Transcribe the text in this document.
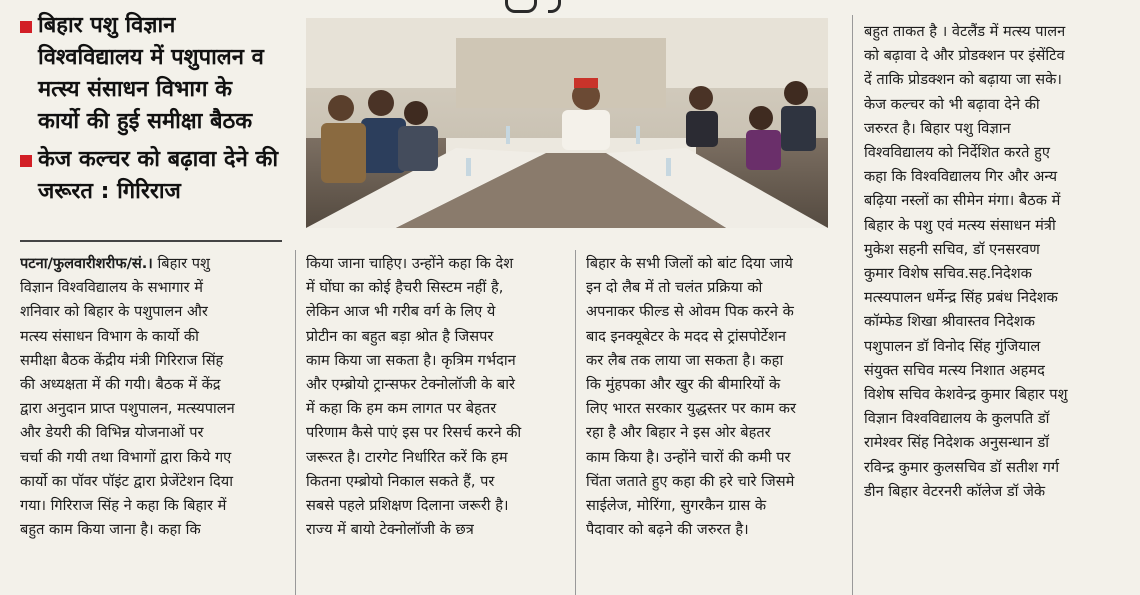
बिहार पशु विज्ञान
विश्वविद्यालय में पशुपालन व
मत्स्य संसाधन विभाग के
कार्यो की हुई समीक्षा बैठक
केज कल्चर को बढ़ावा देने की
जरूरत : गिरिराज
पटना/फुलवारीशरीफ/सं.। बिहार पशु
विज्ञान विश्वविद्यालय के सभागार में
शनिवार को बिहार के पशुपालन और
मत्स्य संसाधन विभाग के कार्यो की
समीक्षा बैठक केंद्रीय मंत्री गिरिराज सिंह
की अध्यक्षता में की गयी। बैठक में केंद्र
द्वारा अनुदान प्राप्त पशुपालन, मत्स्यपालन
और डेयरी की विभिन्न योजनाओं पर
चर्चा की गयी तथा विभागों द्वारा किये गए
कार्यो का पॉवर पॉइंट द्वारा प्रेजेंटेशन दिया
गया। गिरिराज सिंह ने कहा कि बिहार में
बहुत काम किया जाना है। कहा कि
किया जाना चाहिए। उन्होंने कहा कि देश
में घोंघा का कोई हैचरी सिस्टम नहीं है,
लेकिन आज भी गरीब वर्ग के लिए ये
प्रोटीन का बहुत बड़ा श्रोत है जिसपर
काम किया जा सकता है। कृत्रिम गर्भदान
और एम्ब्रोयो ट्रान्सफर टेक्नोलॉजी के बारे
में कहा कि हम कम लागत पर बेहतर
परिणाम कैसे पाएं इस पर रिसर्च करने की
जरूरत है। टारगेट निर्धारित करें कि हम
कितना एम्ब्रोयो निकाल सकते हैं, पर
सबसे पहले प्रशिक्षण दिलाना जरूरी है।
राज्य में बायो टेक्नोलॉजी के छत्र
बिहार के सभी जिलों को बांट दिया जाये
इन दो लैब में तो चलंत प्रक्रिया को
अपनाकर फील्ड से ओवम पिक करने के
बाद इनक्यूबेटर के मदद से ट्रांसपोर्टेशन
कर लैब तक लाया जा सकता है। कहा
कि मुंहपका और खुर की बीमारियों के
लिए भारत सरकार युद्धस्तर पर काम कर
रहा है और बिहार ने इस ओर बेहतर
काम किया है। उन्होंने चारों की कमी पर
चिंता जताते हुए कहा की हरे चारे जिसमे
साईलेज, मोरिंगा, सुगरकैन ग्रास के
पैदावार को बढ़ने की जरुरत है।
बहुत ताकत है । वेटलैंड में मत्स्य पालन
को बढ़ावा दे और प्रोडक्शन पर इंसेंटिव
दें ताकि प्रोडक्शन को बढ़ाया जा सके।
केज कल्चर को भी बढ़ावा देने की
जरुरत है। बिहार पशु विज्ञान
विश्वविद्यालय को निर्देशित करते हुए
कहा कि विश्वविद्यालय गिर और अन्य
बढ़िया नस्लों का सीमेन मंगा। बैठक में
बिहार के पशु एवं मत्स्य संसाधन मंत्री
मुकेश सहनी सचिव, डॉ एनसरवण
कुमार विशेष सचिव.सह.निदेशक
मत्स्यपालन धर्मेन्द्र सिंह प्रबंध निदेशक
कॉम्फेड शिखा श्रीवास्तव निदेशक
पशुपालन डॉ विनोद सिंह गुंजियाल
संयुक्त सचिव मत्स्य निशात अहमद
विशेष सचिव केशवेन्द्र कुमार बिहार पशु
विज्ञान विश्वविद्यालय के कुलपति डॉ
रामेश्वर सिंह निदेशक अनुसन्धान डॉ
रविन्द्र कुमार कुलसचिव डॉ सतीश गर्ग
डीन बिहार वेटरनरी कॉलेज डॉ जेके
